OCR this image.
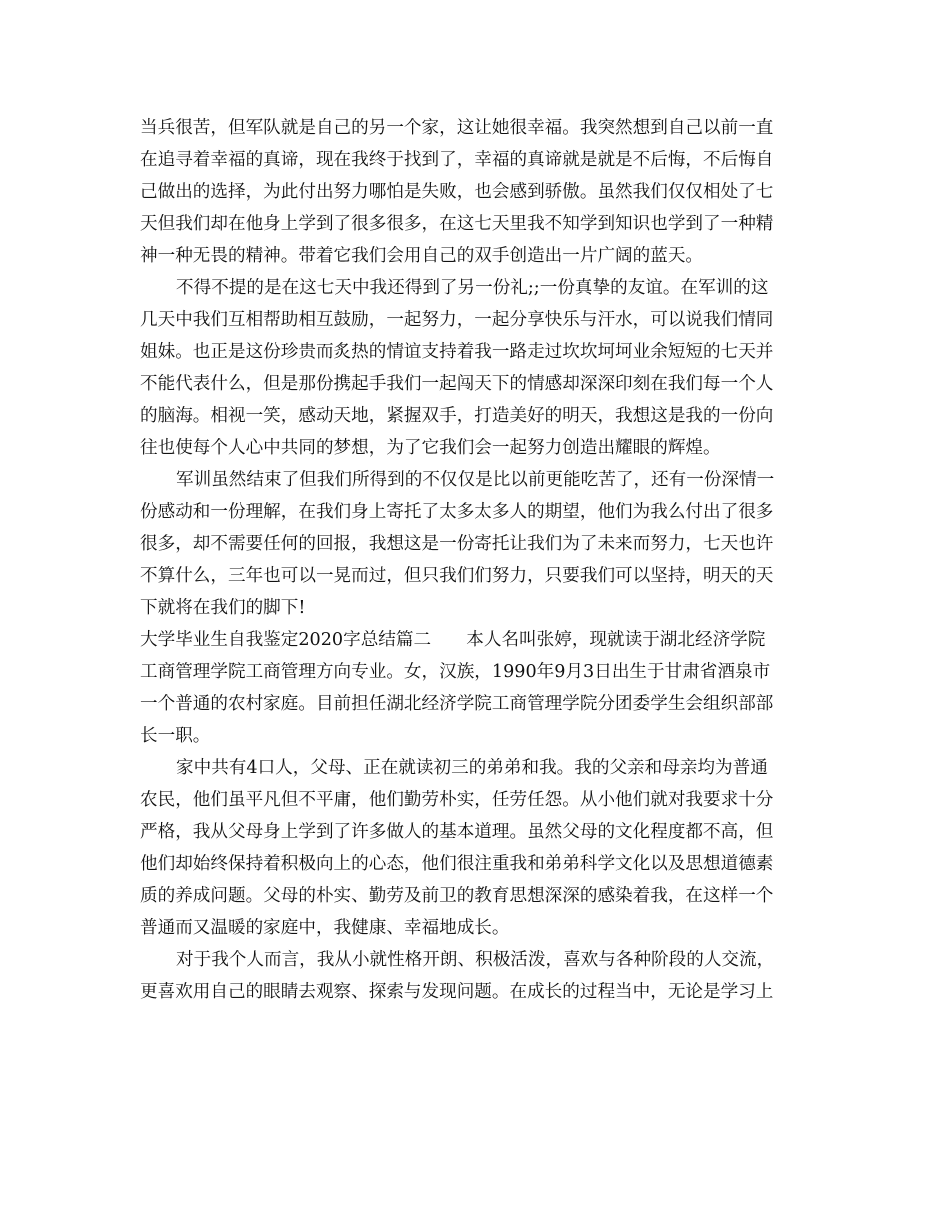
当兵很苦，但军队就是自己的另一个家，这让她很幸福。我突然想到自己以前一直
在追寻着幸福的真谛，现在我终于找到了，幸福的真谛就是就是不后悔，不后悔自
己做出的选择，为此付出努力哪怕是失败，也会感到骄傲。虽然我们仅仅相处了七
天但我们却在他身上学到了很多很多，在这七天里我不知学到知识也学到了一种精
神一种无畏的精神。带着它我们会用自己的双手创造出一片广阔的蓝天。
不得不提的是在这七天中我还得到了另一份礼;;一份真挚的友谊。在军训的这
几天中我们互相帮助相互鼓励，一起努力，一起分享快乐与汗水，可以说我们情同
姐妹。也正是这份珍贵而炙热的情谊支持着我一路走过坎坎坷坷业余短短的七天并
不能代表什么，但是那份携起手我们一起闯天下的情感却深深印刻在我们每一个人
的脑海。相视一笑，感动天地，紧握双手，打造美好的明天，我想这是我的一份向
往也使每个人心中共同的梦想，为了它我们会一起努力创造出耀眼的辉煌。
军训虽然结束了但我们所得到的不仅仅是比以前更能吃苦了，还有一份深情一
份感动和一份理解，在我们身上寄托了太多太多人的期望，他们为我么付出了很多
很多，却不需要任何的回报，我想这是一份寄托让我们为了未来而努力，七天也许
不算什么，三年也可以一晃而过，但只我们们努力，只要我们可以坚持，明天的天
下就将在我们的脚下!
大学毕业生自我鉴定2020字总结篇二　　本人名叫张婷，现就读于湖北经济学院
工商管理学院工商管理方向专业。女，汉族，1990年9月3日出生于甘肃省酒泉市
一个普通的农村家庭。目前担任湖北经济学院工商管理学院分团委学生会组织部部
长一职。
家中共有4口人，父母、正在就读初三的弟弟和我。我的父亲和母亲均为普通
农民，他们虽平凡但不平庸，他们勤劳朴实，任劳任怨。从小他们就对我要求十分
严格，我从父母身上学到了许多做人的基本道理。虽然父母的文化程度都不高，但
他们却始终保持着积极向上的心态，他们很注重我和弟弟科学文化以及思想道德素
质的养成问题。父母的朴实、勤劳及前卫的教育思想深深的感染着我，在这样一个
普通而又温暖的家庭中，我健康、幸福地成长。
对于我个人而言，我从小就性格开朗、积极活泼，喜欢与各种阶段的人交流，
更喜欢用自己的眼睛去观察、探索与发现问题。在成长的过程当中，无论是学习上
